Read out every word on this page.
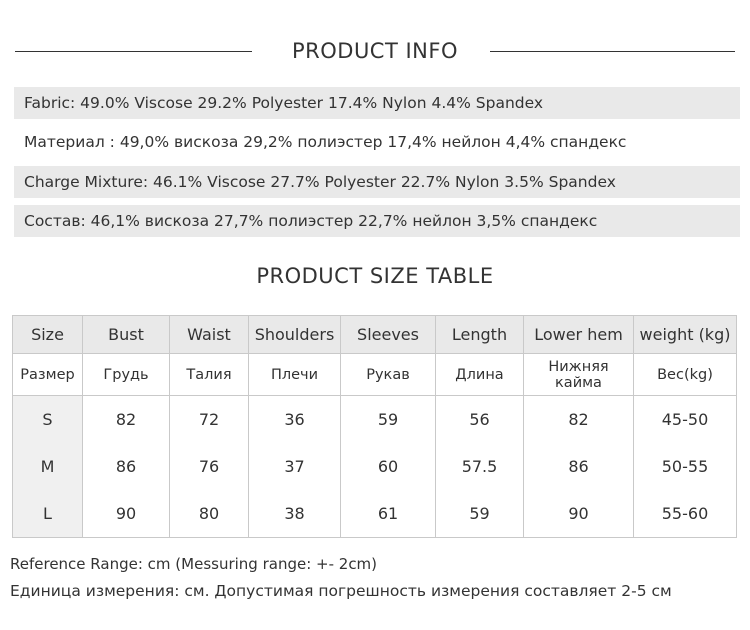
PRODUCT INFO
Fabric: 49.0% Viscose 29.2% Polyester 17.4% Nylon 4.4% Spandex
Материал : 49,0% вискоза 29,2% полиэстер 17,4% нейлон 4,4% спандекс
Charge Mixture: 46.1% Viscose 27.7% Polyester 22.7% Nylon 3.5% Spandex
Состав: 46,1% вискоза 27,7% полиэстер 22,7% нейлон 3,5% спандекс
PRODUCT SIZE TABLE
Size	Bust	Waist	Shoulders	Sleeves	Length	Lower hem	weight (kg)
Размер	Грудь	Талия	Плечи	Рукав	Длина	Нижняя кайма	Вес(kg)
S	82	72	36	59	56	82	45-50
M	86	76	37	60	57.5	86	50-55
L	90	80	38	61	59	90	55-60
Reference Range: cm (Messuring range: +- 2cm)
Единица измерения: см. Допустимая погрешность измерения составляет 2-5 см
